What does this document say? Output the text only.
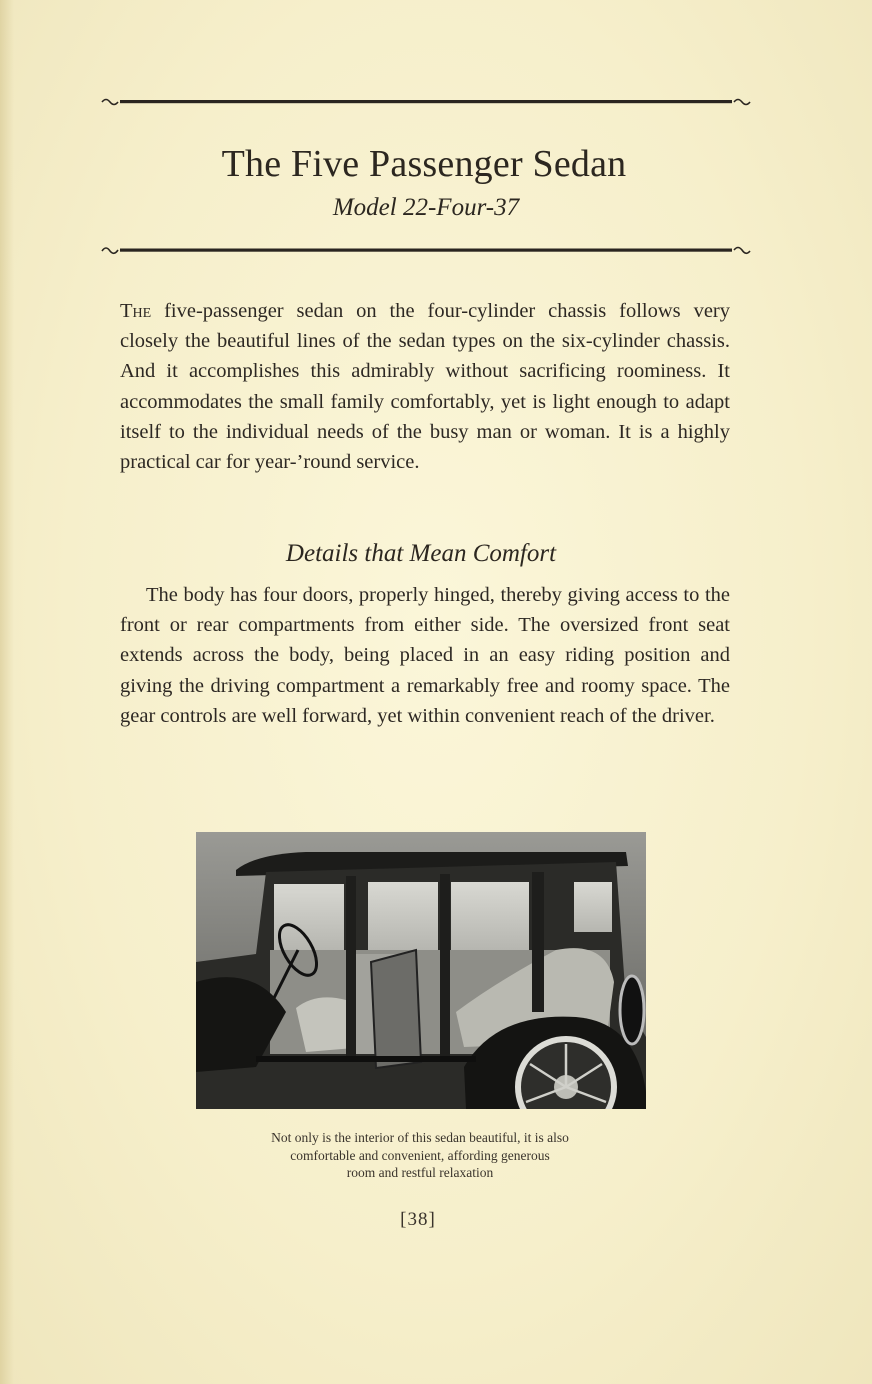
The Five Passenger Sedan
Model 22-Four-37

The five-passenger sedan on the four-cylinder chassis follows very closely the beautiful lines of the sedan types on the six-cylinder chassis. And it accomplishes this admirably without sacrificing roominess. It accommodates the small family comfortably, yet is light enough to adapt itself to the individual needs of the busy man or woman. It is a highly practical car for year-’round service.

Details that Mean Comfort

The body has four doors, properly hinged, thereby giving access to the front or rear compartments from either side. The oversized front seat extends across the body, being placed in an easy riding position and giving the driving compartment a remarkably free and roomy space. The gear controls are well forward, yet within convenient reach of the driver.

Not only is the interior of this sedan beautiful, it is also
comfortable and convenient, affording generous
room and restful relaxation
[38]
